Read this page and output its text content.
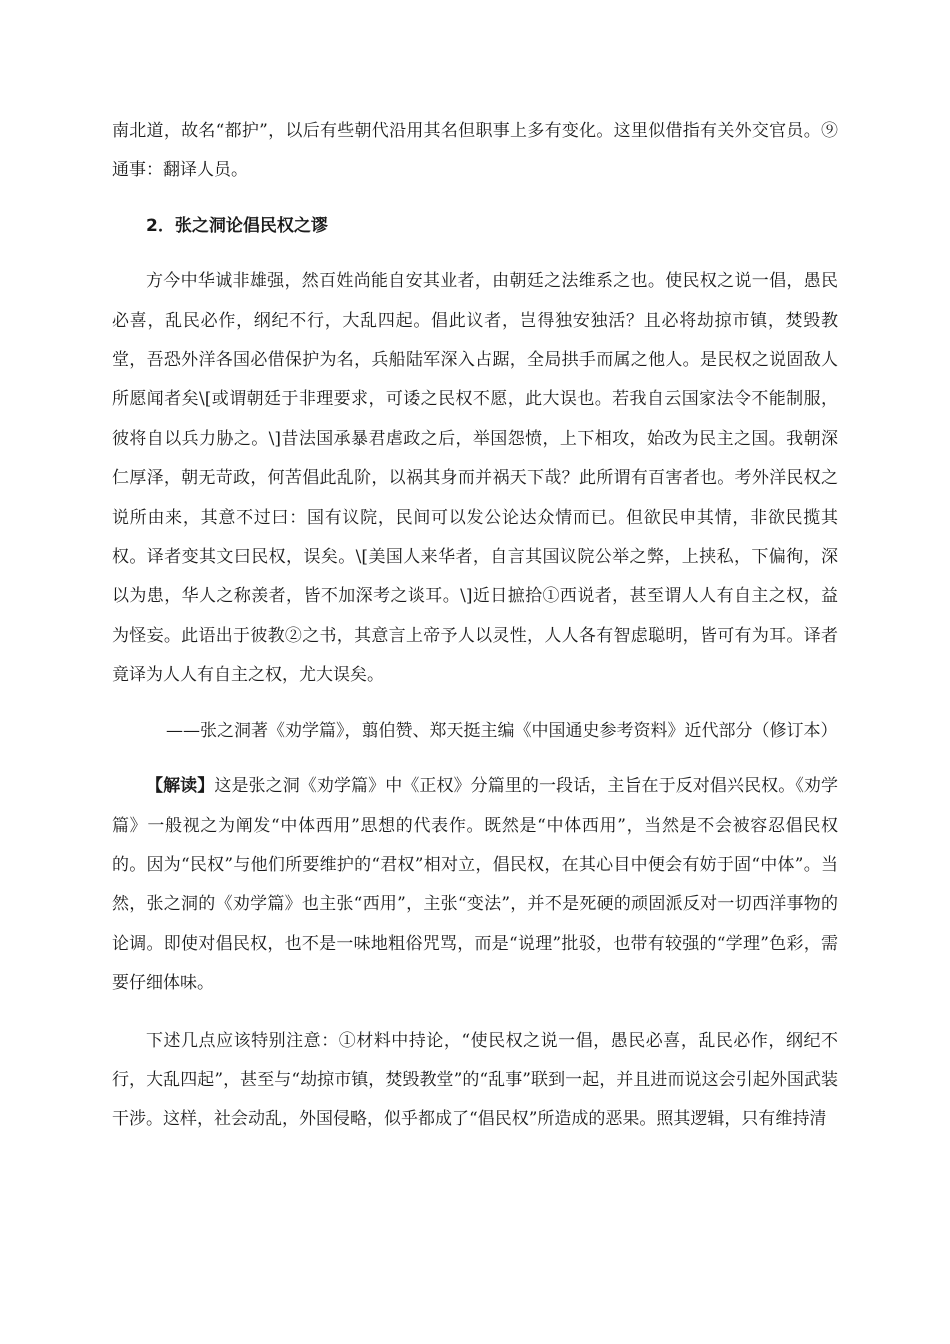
南北道，故名“都护”，以后有些朝代沿用其名但职事上多有变化。这里似借指有关外交官员。⑨通事：翻译人员。

2．张之洞论倡民权之谬

方今中华诚非雄强，然百姓尚能自安其业者，由朝廷之法维系之也。使民权之说一倡，愚民必喜，乱民必作，纲纪不行，大乱四起。倡此议者，岂得独安独活？且必将劫掠市镇，焚毁教堂，吾恐外洋各国必借保护为名，兵船陆军深入占踞，全局拱手而属之他人。是民权之说固敌人所愿闻者矣\[或谓朝廷于非理要求，可诿之民权不愿，此大误也。若我自云国家法令不能制服，彼将自以兵力胁之。\]昔法国承暴君虐政之后，举国怨愤，上下相攻，始改为民主之国。我朝深仁厚泽，朝无苛政，何苦倡此乱阶，以祸其身而并祸天下哉？此所谓有百害者也。考外洋民权之说所由来，其意不过曰：国有议院，民间可以发公论达众情而已。但欲民申其情，非欲民揽其权。译者变其文曰民权，误矣。\[美国人来华者，自言其国议院公举之弊，上挟私，下偏徇，深以为患，华人之称羡者，皆不加深考之谈耳。\]近日摭拾①西说者，甚至谓人人有自主之权，益为怪妄。此语出于彼教②之书，其意言上帝予人以灵性，人人各有智虑聪明，皆可有为耳。译者竟译为人人有自主之权，尤大误矣。

——张之洞著《劝学篇》，翦伯赞、郑天挺主编《中国通史参考资料》近代部分（修订本）

【解读】这是张之洞《劝学篇》中《正权》分篇里的一段话，主旨在于反对倡兴民权。《劝学篇》一般视之为阐发“中体西用”思想的代表作。既然是“中体西用”，当然是不会被容忍倡民权的。因为“民权”与他们所要维护的“君权”相对立，倡民权，在其心目中便会有妨于固“中体”。当然，张之洞的《劝学篇》也主张“西用”，主张“变法”，并不是死硬的顽固派反对一切西洋事物的论调。即使对倡民权，也不是一味地粗俗咒骂，而是“说理”批驳，也带有较强的“学理”色彩，需要仔细体味。

下述几点应该特别注意：①材料中持论，“使民权之说一倡，愚民必喜，乱民必作，纲纪不行，大乱四起”，甚至与“劫掠市镇，焚毁教堂”的“乱事”联到一起，并且进而说这会引起外国武装干涉。这样，社会动乱，外国侵略，似乎都成了“倡民权”所造成的恶果。照其逻辑，只有维持清
